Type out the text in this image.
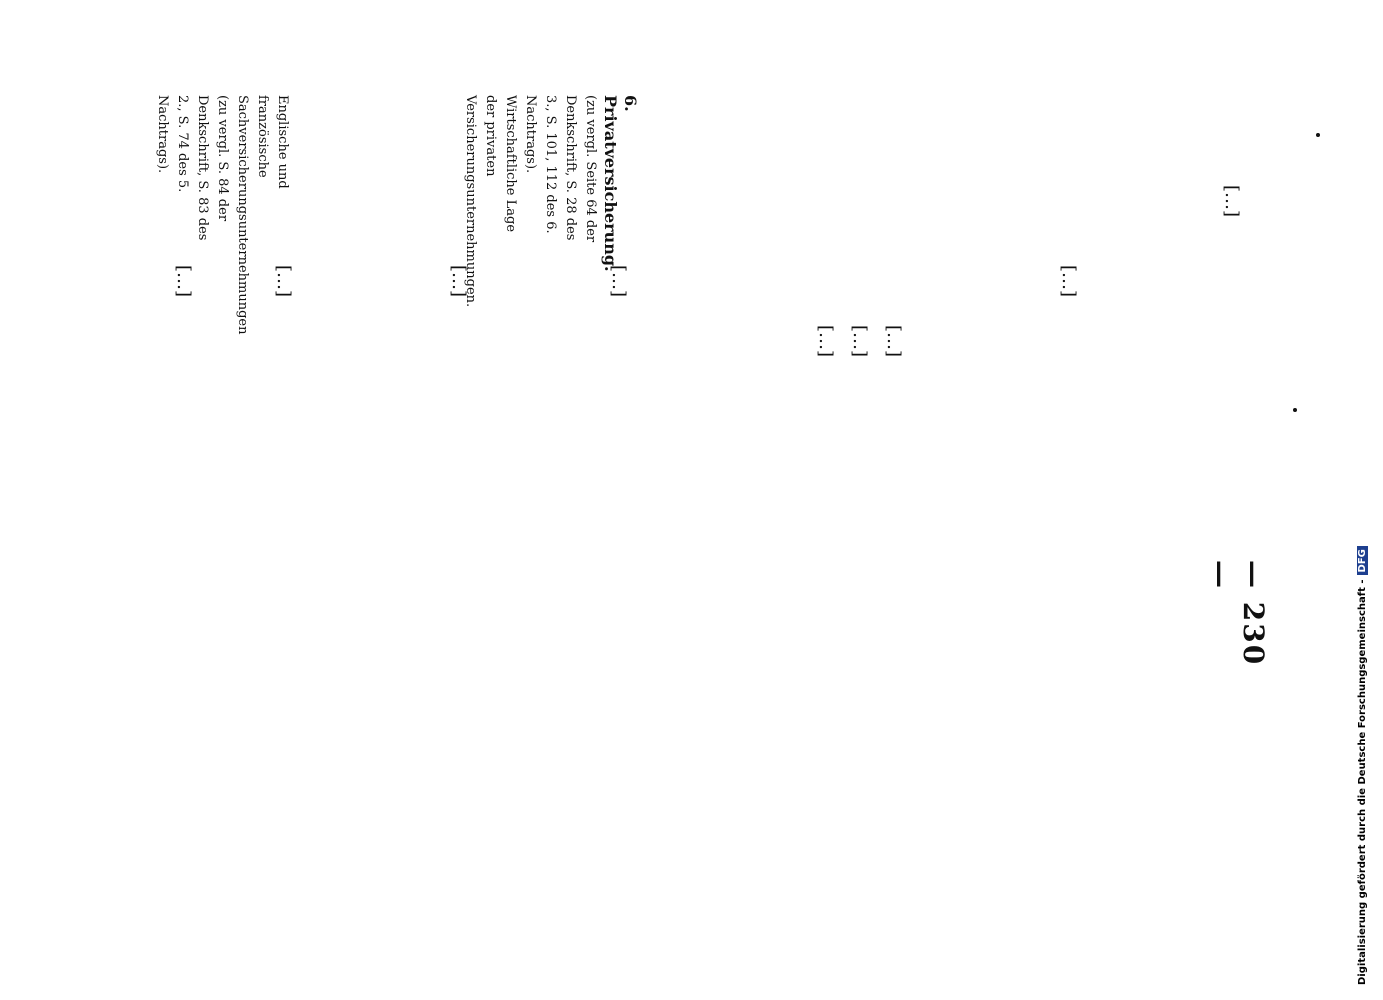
— 230 —
[…]
[…]
[…]
[…]
[…]
[…]
[…]
[…]
[…]
6. Privatversicherung.
(zu vergl. Seite 64 der Denkschrift, S. 28 des 3., S. 101, 112 des 6. Nachtrags).
Wirtschaftliche Lage der privaten Versicherungsunternehmungen.
Englische und französische Sachversicherungsunternehmungen (zu vergl. S. 84 der Denkschrift, S. 83 des 2., S. 74 des 5. Nachtrags).
Digitalisierung gefördert durch die Deutsche Forschungsgemeinschaft -DFG
